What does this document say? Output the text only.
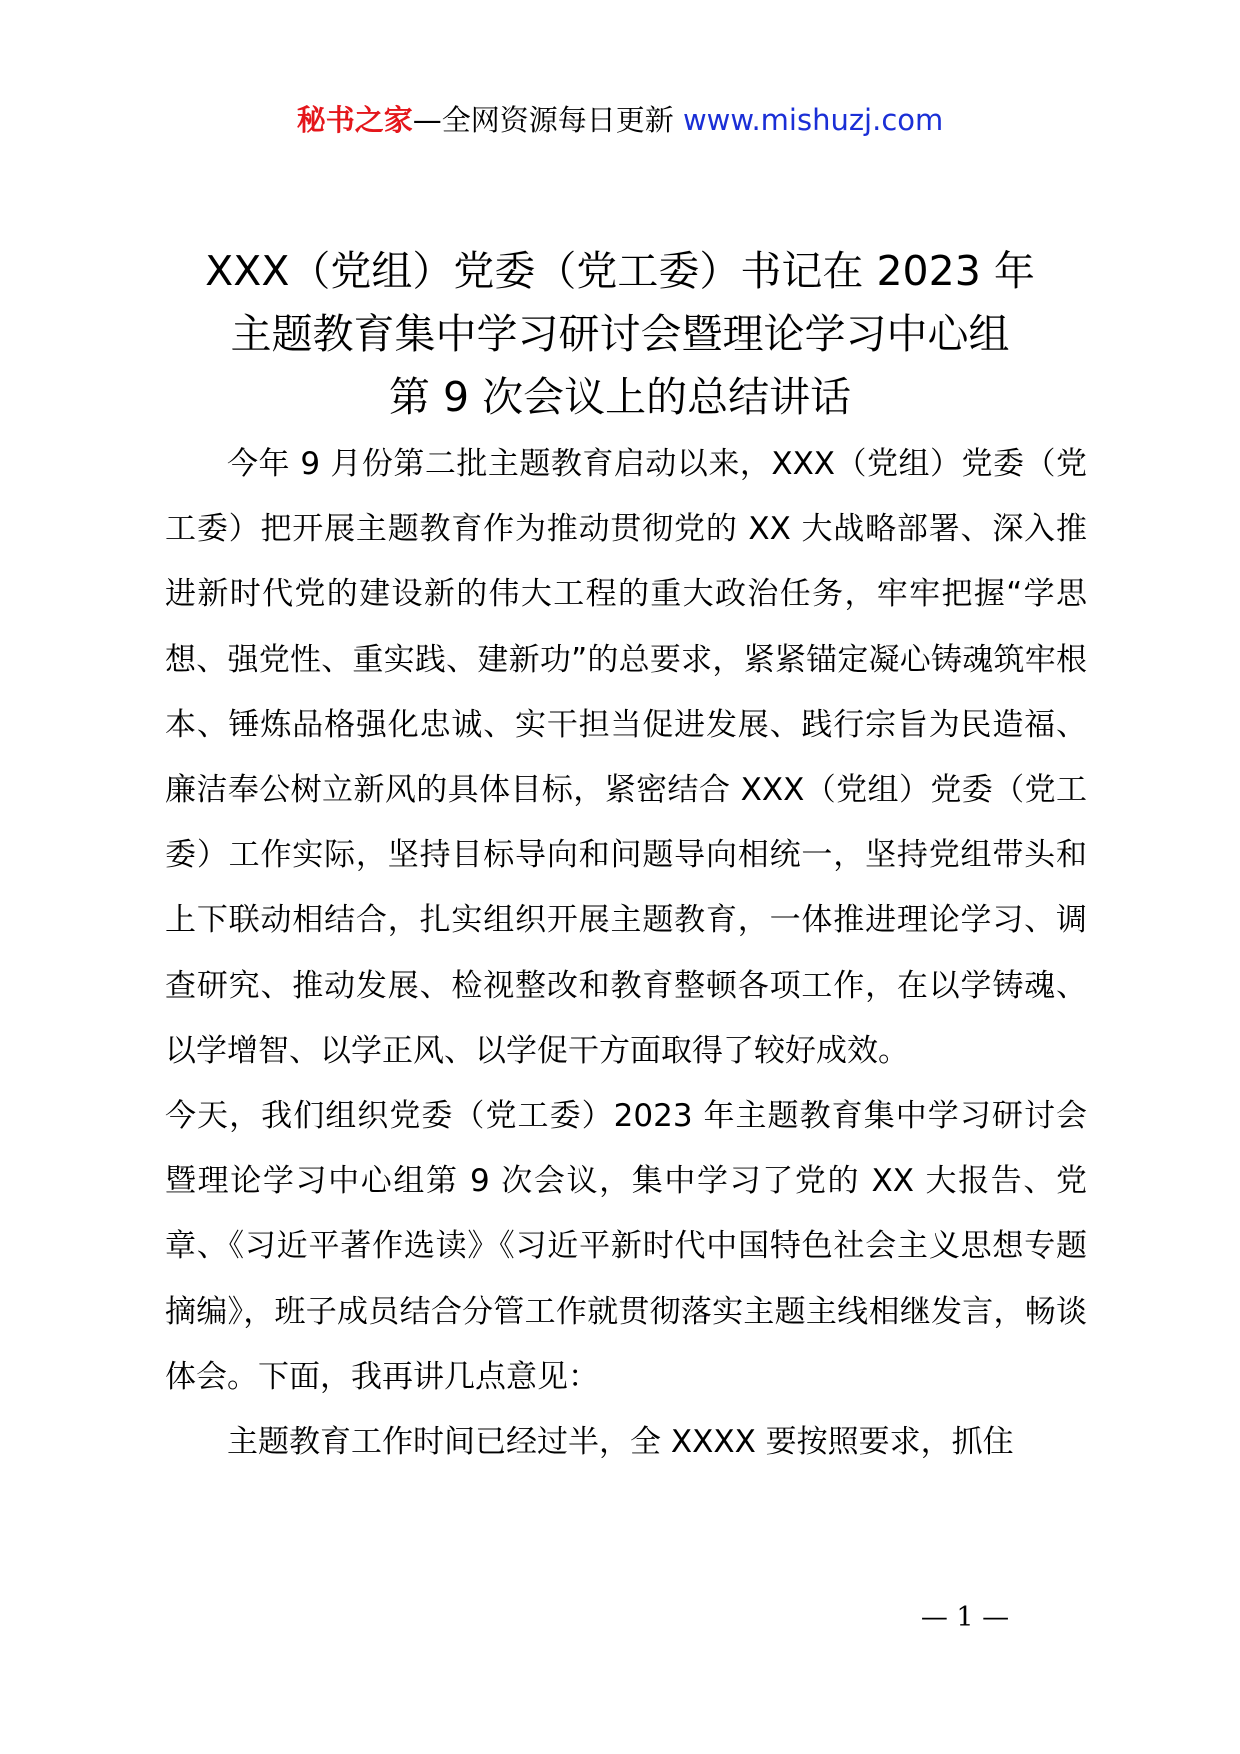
秘书之家—全网资源每日更新 www.mishuzj.com
XXX（党组）党委（党工委）书记在 2023 年
主题教育集中学习研讨会暨理论学习中心组
第 9 次会议上的总结讲话

今年 9 月份第二批主题教育启动以来，XXX（党组）党委（党工委）把开展主题教育作为推动贯彻党的 XX 大战略部署、深入推进新时代党的建设新的伟大工程的重大政治任务，牢牢把握“学思想、强党性、重实践、建新功”的总要求，紧紧锚定凝心铸魂筑牢根本、锤炼品格强化忠诚、实干担当促进发展、践行宗旨为民造福、廉洁奉公树立新风的具体目标，紧密结合 XXX（党组）党委（党工委）工作实际，坚持目标导向和问题导向相统一，坚持党组带头和上下联动相结合，扎实组织开展主题教育，一体推进理论学习、调查研究、推动发展、检视整改和教育整顿各项工作，在以学铸魂、以学增智、以学正风、以学促干方面取得了较好成效。

今天，我们组织党委（党工委）2023 年主题教育集中学习研讨会暨理论学习中心组第 9 次会议，集中学习了党的 XX 大报告、党章、《习近平著作选读》《习近平新时代中国特色社会主义思想专题摘编》，班子成员结合分管工作就贯彻落实主题主线相继发言，畅谈体会。下面，我再讲几点意见：

主题教育工作时间已经过半，全 XXXX 要按照要求，抓住

— 1 —
